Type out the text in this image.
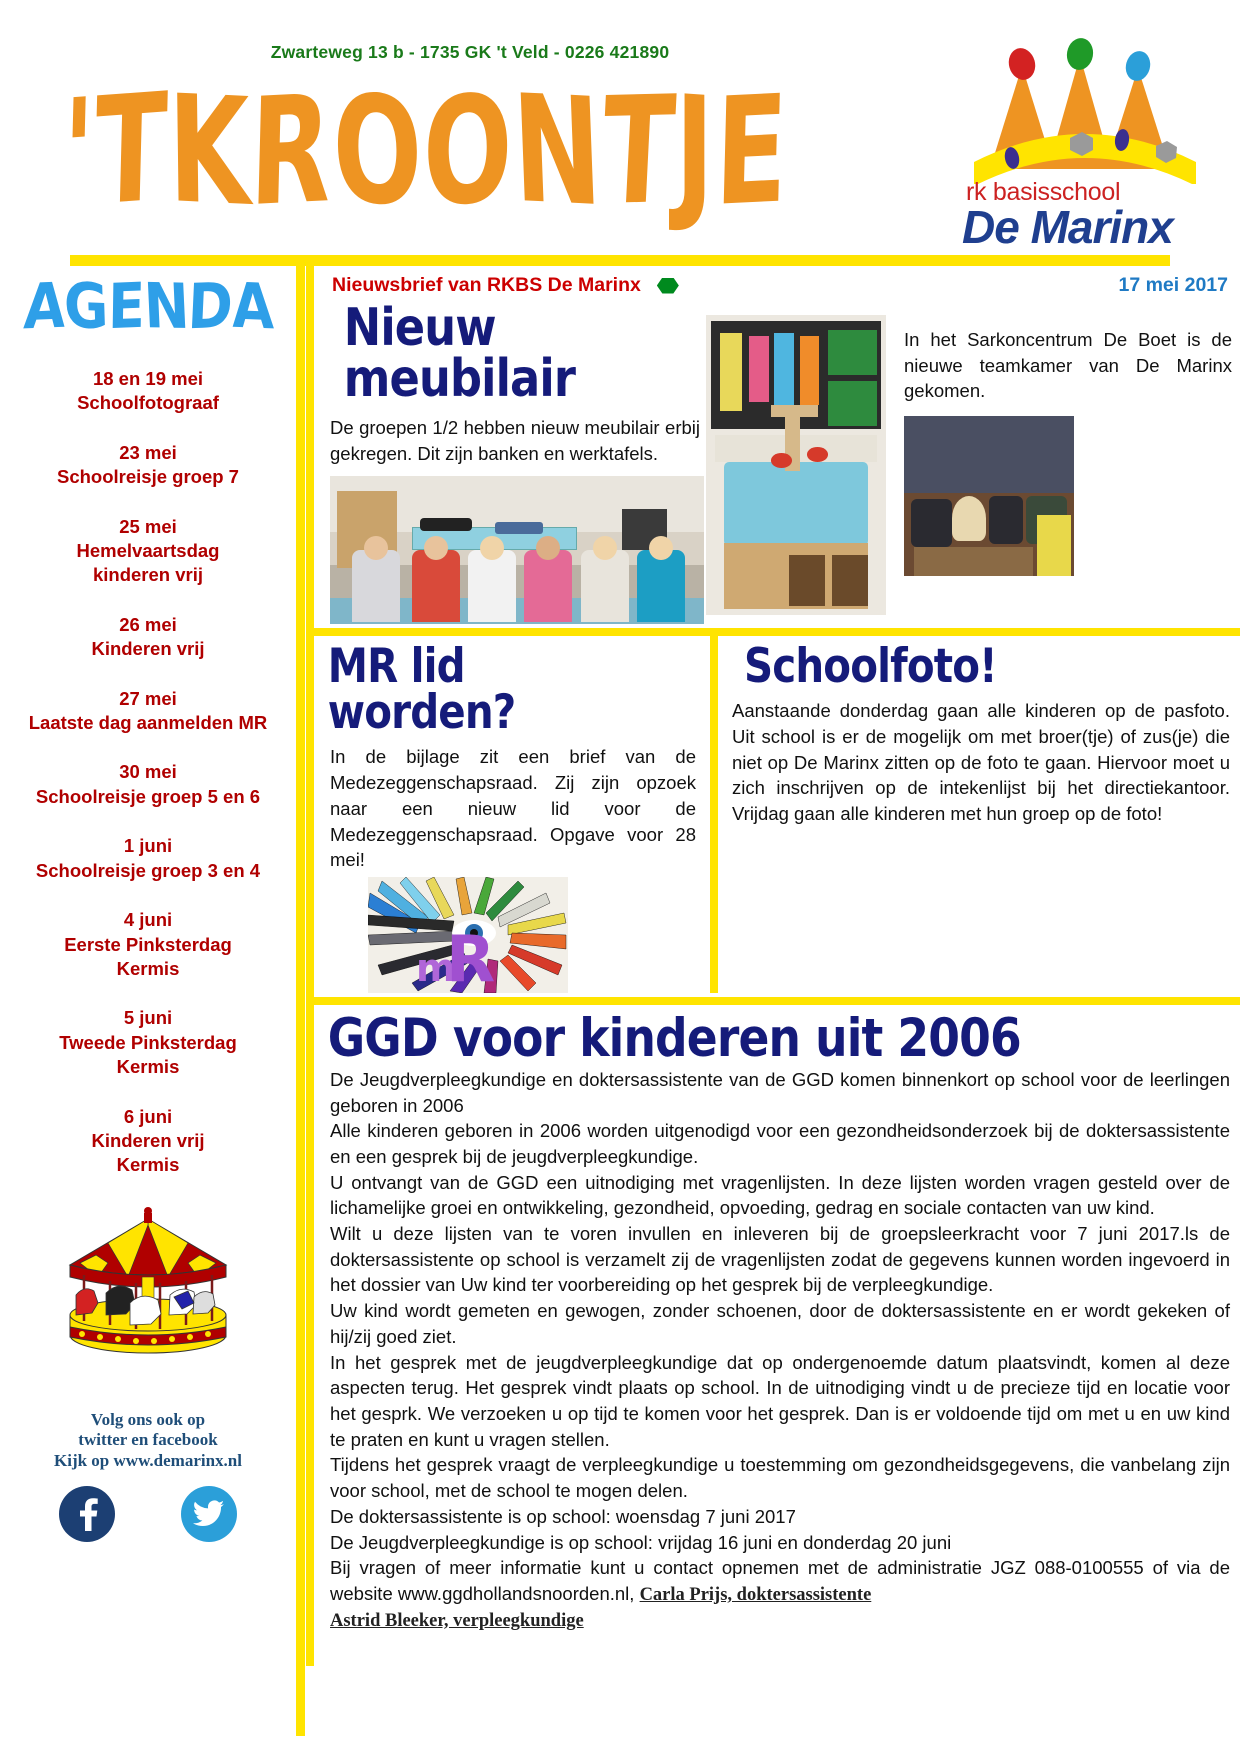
Zwarteweg 13 b - 1735 GK 't Veld - 0226 421890
'TKROONTJE	rk basisschool
De Marinx
AGENDA
18 en 19 mei
Schoolfotograaf
23 mei
Schoolreisje groep 7
25 mei
Hemelvaartsdag
kinderen vrij
26 mei
Kinderen vrij
27 mei
Laatste dag aanmelden MR
30 mei
Schoolreisje groep 5 en 6
1 juni
Schoolreisje groep 3 en 4
4 juni
Eerste Pinksterdag
Kermis
5 juni
Tweede Pinksterdag
Kermis
6 juni
Kinderen vrij
Kermis
Volg ons ook op
twitter en facebook
Kijk op www.demarinx.nl
Nieuwsbrief van RKBS De Marinx	17 mei 2017
Nieuw meubilair
De groepen 1/2 hebben nieuw meubilair erbij gekregen. Dit zijn banken en werktafels.
In het Sarkoncentrum De Boet is de nieuwe teamkamer van De Marinx gekomen.
MR lid worden?
In de bijlage zit een brief van de Medezeggenschapsraad. Zij zijn opzoek naar een nieuw lid voor de Medezeggenschapsraad. Opgave voor 28 mei!
m
R
Schoolfoto!
Aanstaande donderdag gaan alle kinderen op de pasfoto. Uit school is er de mogelijk om met broer(tje) of zus(je) die niet op De Marinx zitten op de foto te gaan. Hiervoor moet u zich inschrijven op de intekenlijst bij het directiekantoor. Vrijdag gaan alle kinderen met hun groep op de foto!
GGD voor kinderen uit 2006

De Jeugdverpleegkundige en doktersassistente van de GGD komen binnenkort op school voor de leerlingen geboren in 2006

Alle kinderen geboren in 2006 worden uitgenodigd voor een gezondheidsonderzoek bij de doktersassistente en een gesprek bij de jeugdverpleegkundige.

U ontvangt van de GGD een uitnodiging met vragenlijsten. In deze lijsten worden vragen gesteld over de lichamelijke groei en ontwikkeling, gezondheid, opvoeding, gedrag en sociale contacten van uw kind.

Wilt u deze lijsten van te voren invullen en inleveren bij de groepsleerkracht voor 7 juni 2017.ls de doktersassistente op school is verzamelt zij de vragenlijsten zodat de gegevens kunnen worden ingevoerd in het dossier van Uw kind ter voorbereiding op het gesprek bij de verpleegkundige.

Uw kind wordt gemeten en gewogen, zonder schoenen, door de doktersassistente en er wordt gekeken of hij/zij goed ziet.

In het gesprek met de jeugdverpleegkundige dat op ondergenoemde datum plaatsvindt, komen al deze aspecten terug. Het gesprek vindt plaats op school. In de uitnodiging vindt u de precieze tijd en locatie voor het gesprk. We verzoeken u op tijd te komen voor het gesprek. Dan is er voldoende tijd om met u en uw kind te praten en kunt u vragen stellen.

Tijdens het gesprek vraagt de verpleegkundige u toestemming om gezondheidsgegevens, die vanbelang zijn voor school, met de school te mogen delen.

De doktersassistente is op school: woensdag 7 juni 2017

De Jeugdverpleegkundige is op school: vrijdag 16 juni en donderdag 20 juni

Bij vragen of meer informatie kunt u contact opnemen met de administratie JGZ 088-0100555 of via de website www.ggdhollandsnoorden.nl, Carla Prijs, doktersassistente

Astrid Bleeker, verpleegkundige
